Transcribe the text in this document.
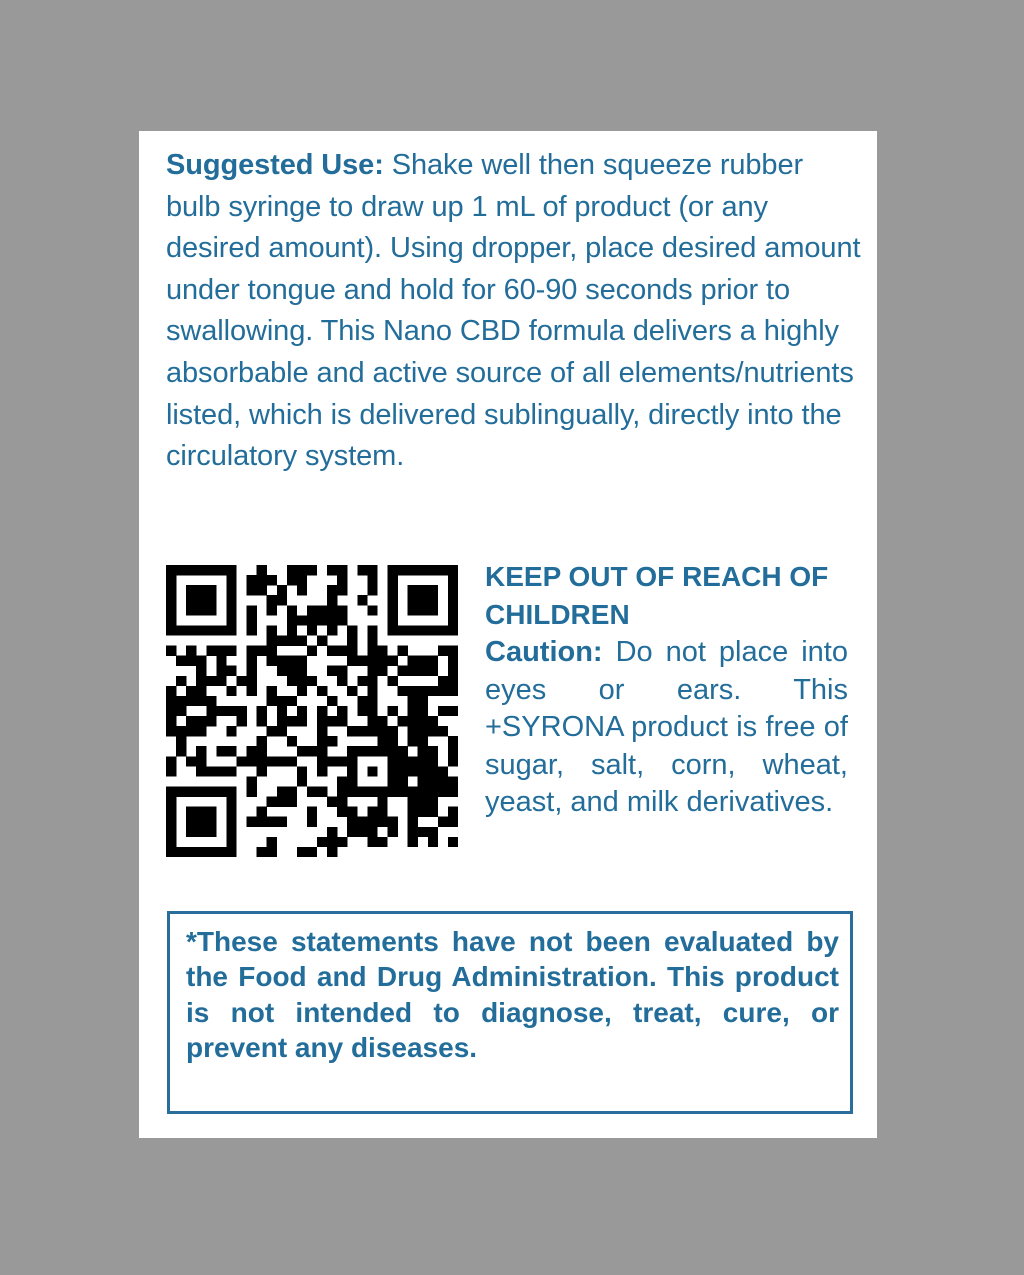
Suggested Use: Shake well then squeeze rubber bulb syringe to draw up 1 mL of product (or any desired amount). Using dropper, place desired amount under tongue and hold for 60-90 seconds prior to swallowing. This Nano CBD formula delivers a highly absorbable and active source of all elements/nutrients listed, which is delivered sublingually, directly into the circulatory system.

KEEP OUT OF REACH OF CHILDREN

Caution: Do not place into eyes or ears. This +SYRONA product is free of sugar, salt, corn, wheat, yeast, and milk derivatives.

*These statements have not been evaluated by the Food and Drug Administration. This product is not intended to diagnose, treat, cure, or prevent any diseases.
